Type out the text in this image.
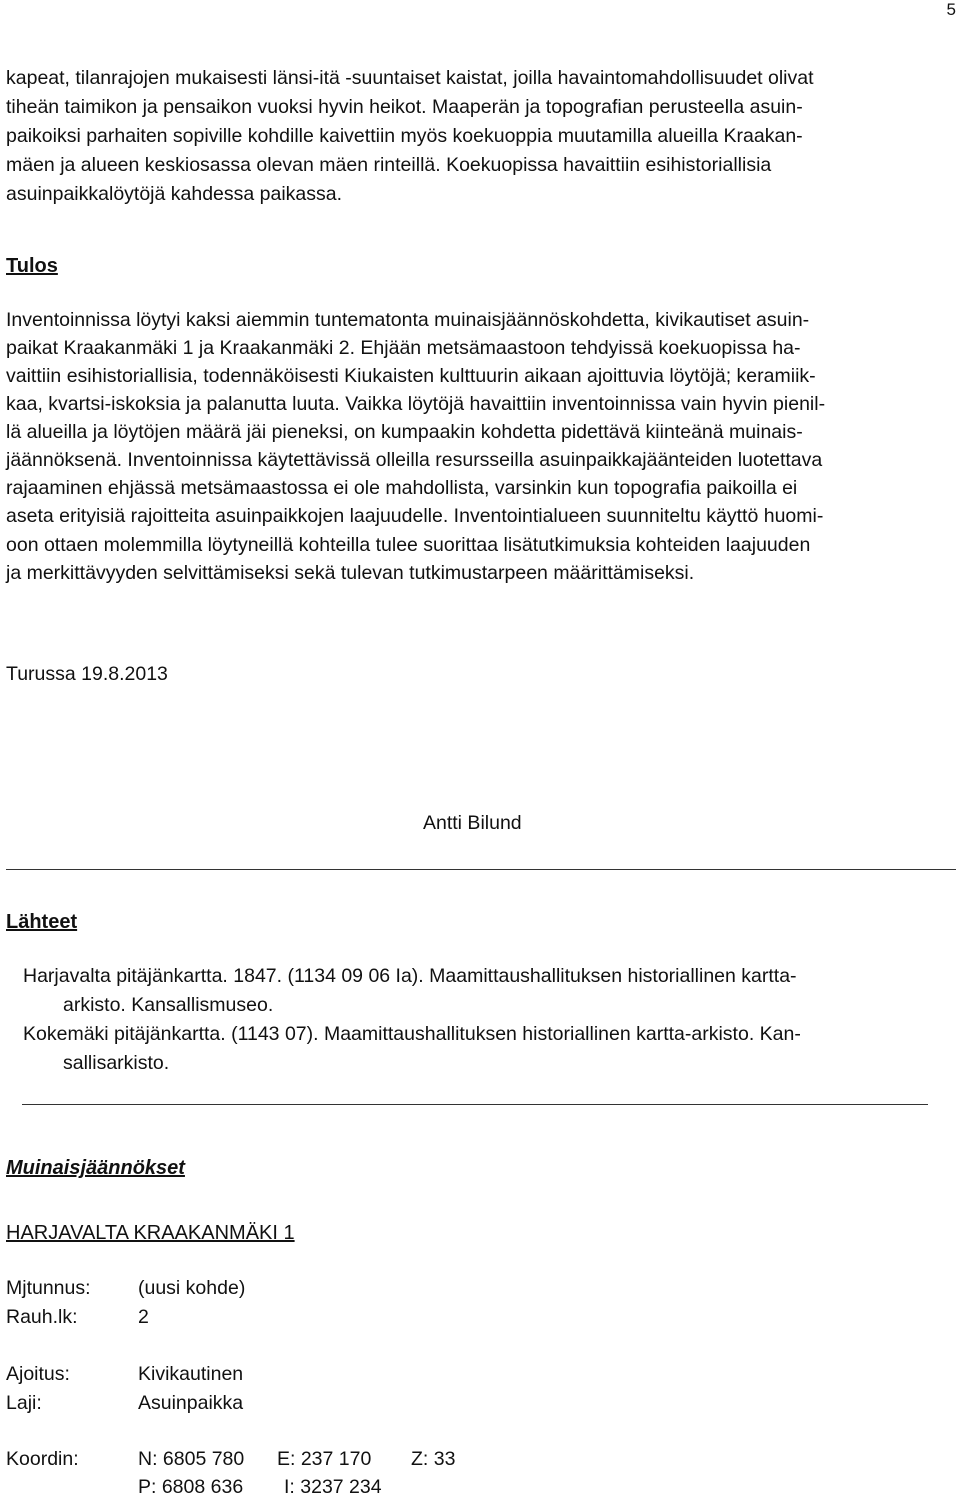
5
kapeat, tilanrajojen mukaisesti länsi-itä -suuntaiset kaistat, joilla havaintomahdollisuudet olivat
tiheän taimikon ja pensaikon vuoksi hyvin heikot. Maaperän ja topografian perusteella asuin-
paikoiksi parhaiten sopiville kohdille kaivettiin myös koekuoppia muutamilla alueilla Kraakan-
mäen ja alueen keskiosassa olevan mäen rinteillä. Koekuopissa havaittiin esihistoriallisia
asuinpaikkalöytöjä kahdessa paikassa.
Tulos
Inventoinnissa löytyi kaksi aiemmin tuntematonta muinaisjäännöskohdetta, kivikautiset asuin-
paikat Kraakanmäki 1 ja Kraakanmäki 2. Ehjään metsämaastoon tehdyissä koekuopissa ha-
vaittiin esihistoriallisia, todennäköisesti Kiukaisten kulttuurin aikaan ajoittuvia löytöjä; keramiik-
kaa, kvartsi-iskoksia ja palanutta luuta. Vaikka löytöjä havaittiin inventoinnissa vain hyvin pienil-
lä alueilla ja löytöjen määrä jäi pieneksi, on kumpaakin kohdetta pidettävä kiinteänä muinais-
jäännöksenä. Inventoinnissa käytettävissä olleilla resursseilla asuinpaikkajäänteiden luotettava
rajaaminen ehjässä metsämaastossa ei ole mahdollista, varsinkin kun topografia paikoilla ei
aseta erityisiä rajoitteita asuinpaikkojen laajuudelle. Inventointialueen suunniteltu käyttö huomi-
oon ottaen molemmilla löytyneillä kohteilla tulee suorittaa lisätutkimuksia kohteiden laajuuden
ja merkittävyyden selvittämiseksi sekä tulevan tutkimustarpeen määrittämiseksi.
Turussa 19.8.2013
Antti Bilund
Lähteet
Harjavalta pitäjänkartta. 1847. (1134 09 06 Ia). Maamittaushallituksen historiallinen kartta-
arkisto. Kansallismuseo.
Kokemäki pitäjänkartta. (1143 07). Maamittaushallituksen historiallinen kartta-arkisto. Kan-
sallisarkisto.
Muinaisjäännökset
HARJAVALTA KRAAKANMÄKI 1
Mjtunnus: (uusi kohde)
Rauh.lk:	2
Ajoitus:	Kivikautinen
Laji:	Asuinpaikka
Koordin:	N: 6805 780 E: 237 170 Z: 33
P: 6808 636 I: 3237 234
